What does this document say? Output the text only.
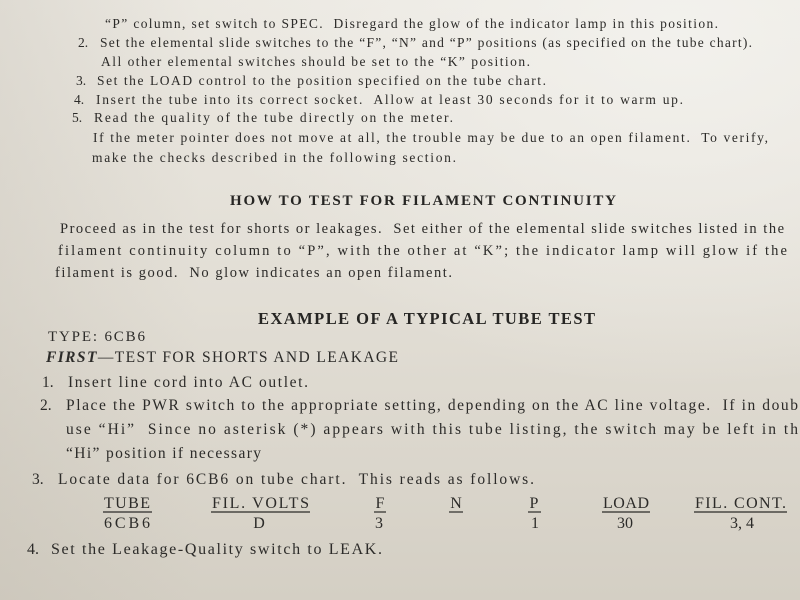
“P” column, set switch to SPEC.  Disregard the glow of the indicator lamp in this position.
2. Set the elemental slide switches to the “F”, “N” and “P” positions (as specified on the tube chart).
All other elemental switches should be set to the “K” position.
3. Set the LOAD control to the position specified on the tube chart.
4. Insert the tube into its correct socket.  Allow at least 30 seconds for it to warm up.
5. Read the quality of the tube directly on the meter.
If the meter pointer does not move at all, the trouble may be due to an open filament.  To verify,
make the checks described in the following section.
HOW TO TEST FOR FILAMENT CONTINUITY
Proceed as in the test for shorts or leakages.  Set either of the elemental slide switches listed in the
filament continuity column to “P”, with the other at “K”; the indicator lamp will glow if the
filament is good.  No glow indicates an open filament.
EXAMPLE OF A TYPICAL TUBE TEST
TYPE: 6CB6
FIRST—TEST FOR SHORTS AND LEAKAGE
1. Insert line cord into AC outlet.
2. Place the PWR switch to the appropriate setting, depending on the AC line voltage.  If in doub
use “Hi”  Since no asterisk (*) appears with this tube listing, the switch may be left in th
“Hi” position if necessary
3. Locate data for 6CB6 on tube chart.  This reads as follows.
TUBE
6CB6
FIL. VOLTS
D
F
3
N	P
1
LOAD
30
FIL. CONT.
3, 4
4. Set the Leakage-Quality switch to LEAK.
